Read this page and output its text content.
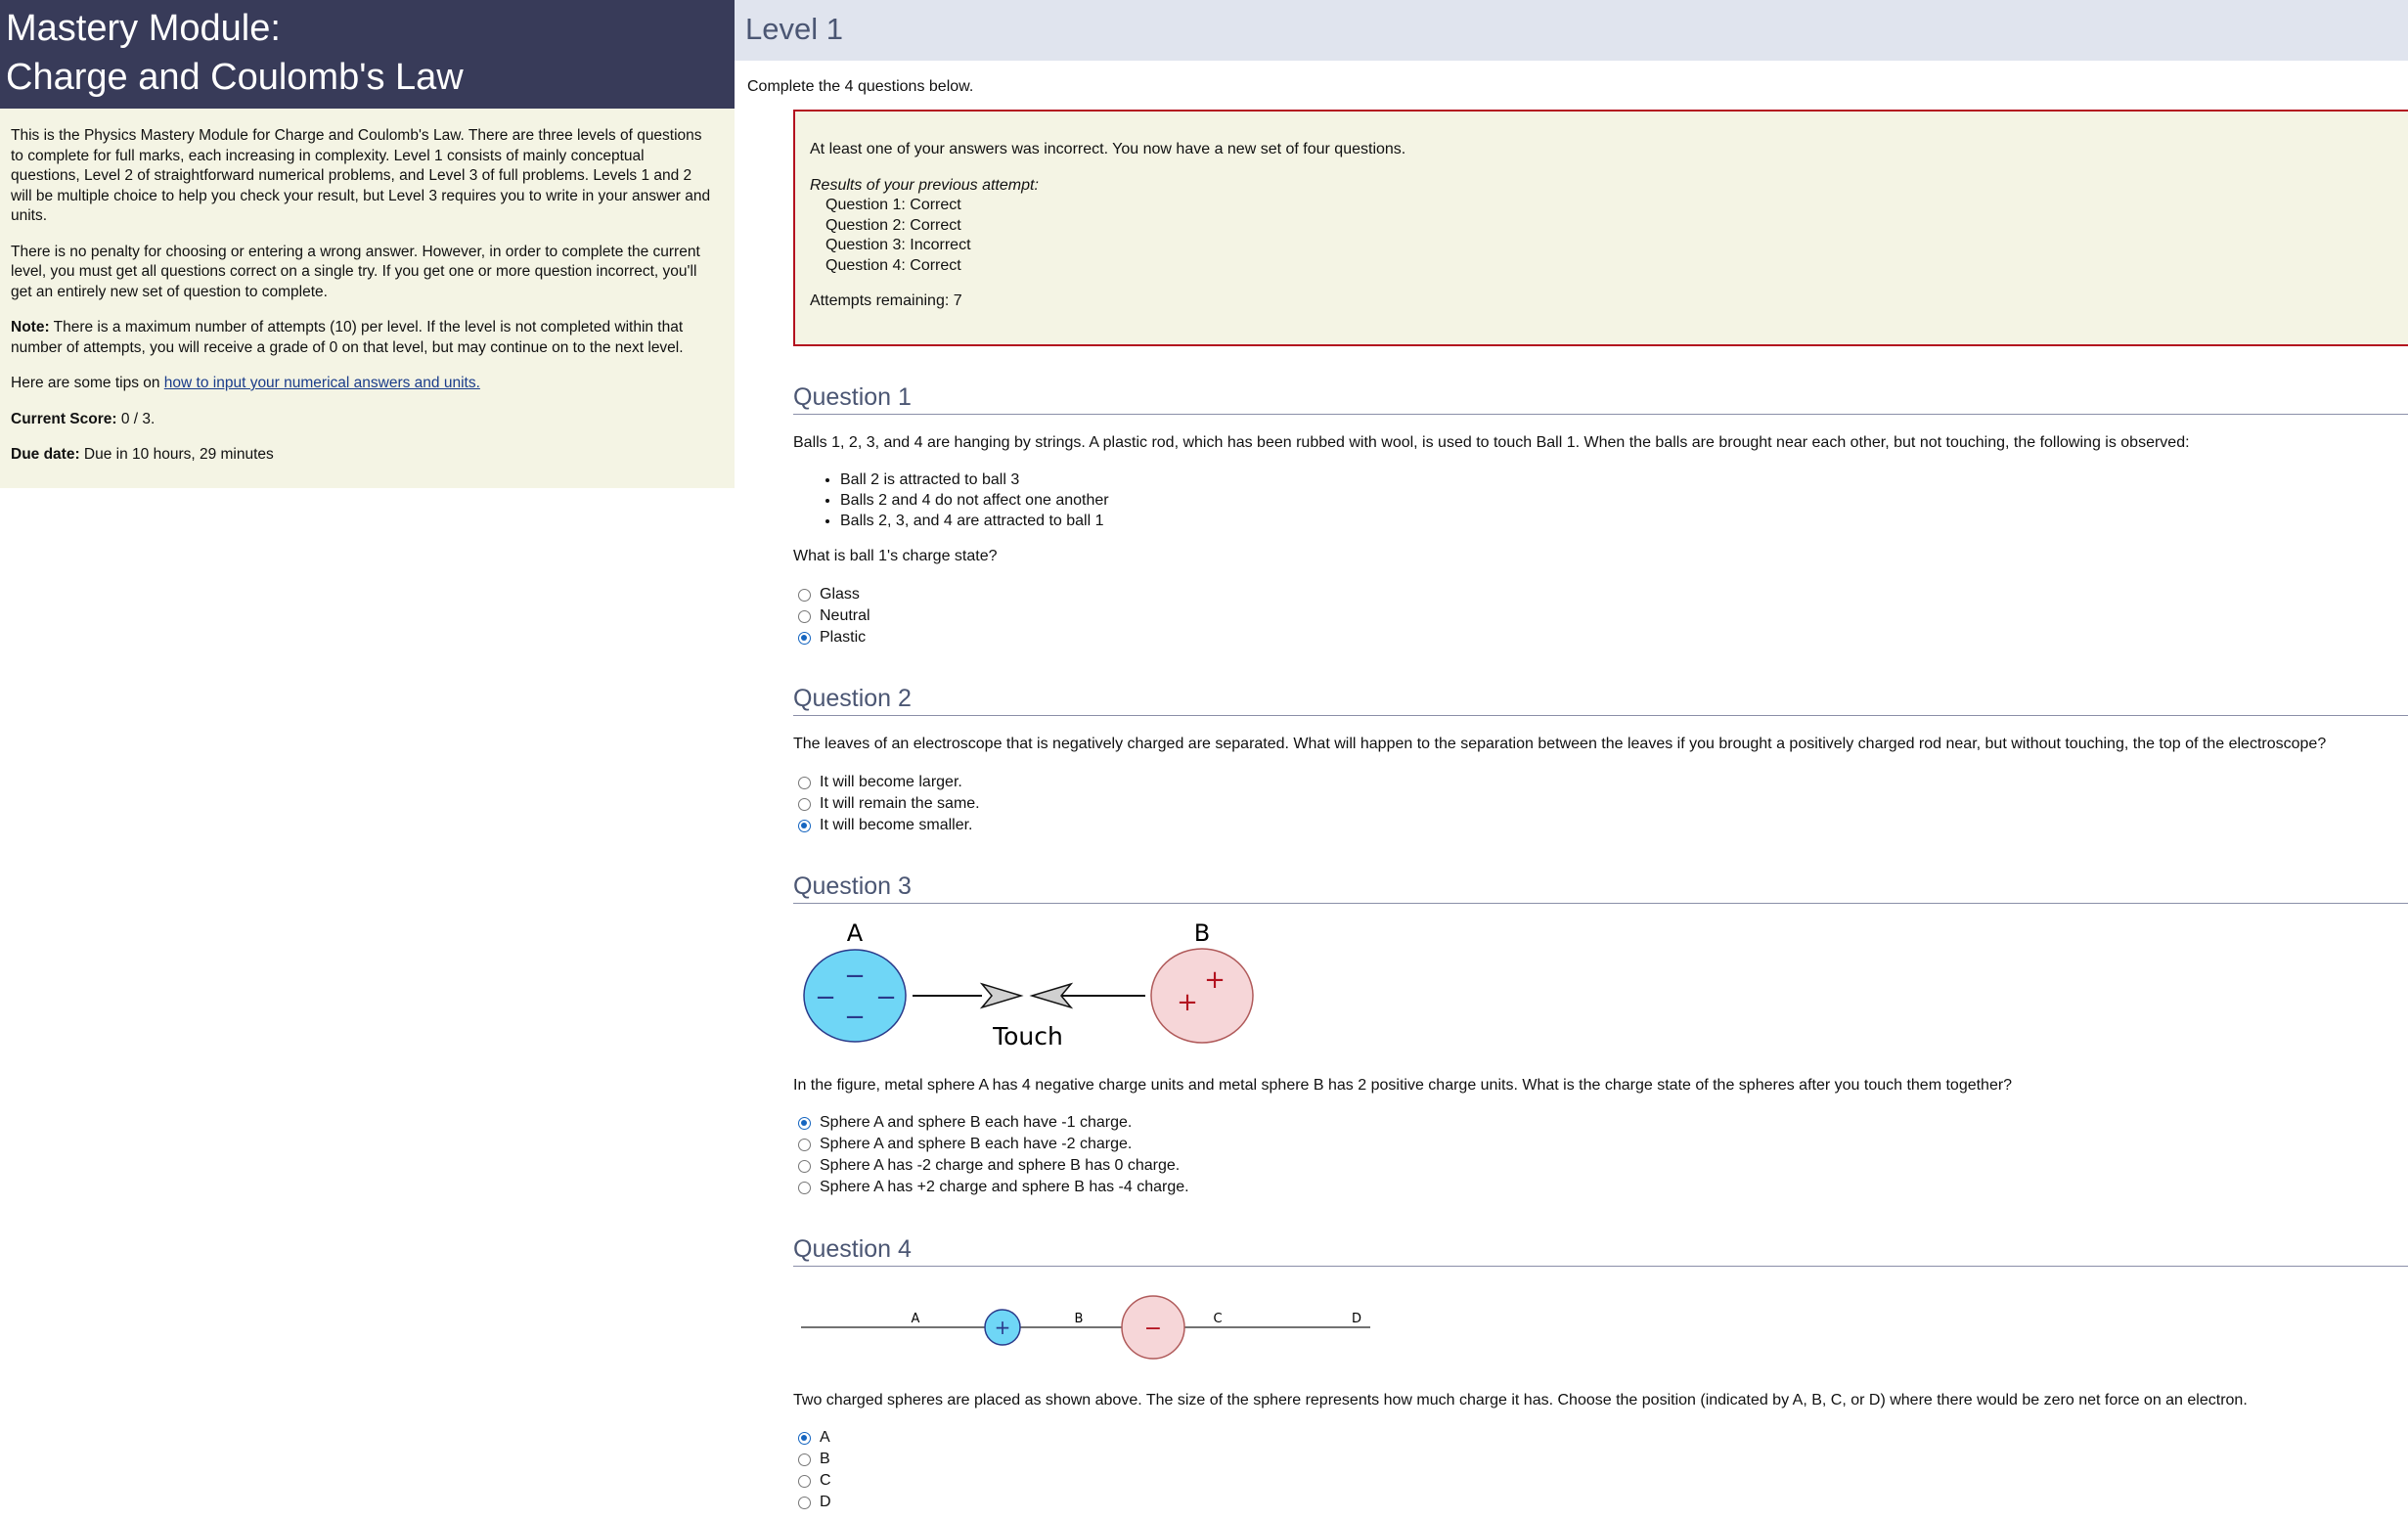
Mastery Module:
Charge and Coulomb's Law

This is the Physics Mastery Module for Charge and Coulomb's Law. There are three levels of questions to complete for full marks, each increasing in complexity. Level 1 consists of mainly conceptual questions, Level 2 of straightforward numerical problems, and Level 3 of full problems. Levels 1 and 2 will be multiple choice to help you check your result, but Level 3 requires you to write in your answer and units.

There is no penalty for choosing or entering a wrong answer. However, in order to complete the current level, you must get all questions correct on a single try. If you get one or more question incorrect, you'll get an entirely new set of question to complete.

Note: There is a maximum number of attempts (10) per level. If the level is not completed within that number of attempts, you will receive a grade of 0 on that level, but may continue on to the next level.

Here are some tips on how to input your numerical answers and units.

Current Score: 0 / 3.

Due date: Due in 10 hours, 29 minutes

Level 1
Complete the 4 questions below.
At least one of your answers was incorrect. You now have a new set of four questions.
Results of your previous attempt:
Question 1: Correct
Question 2: Correct
Question 3: Incorrect
Question 4: Correct
Attempts remaining: 7
Question 1
Balls 1, 2, 3, and 4 are hanging by strings. A plastic rod, which has been rubbed with wool, is used to touch Ball 1. When the balls are brought near each other, but not touching, the following is observed:
• Ball 2 is attracted to ball 3
• Balls 2 and 4 do not affect one another
• Balls 2, 3, and 4 are attracted to ball 1
What is ball 1's charge state?
Glass
Neutral
Plastic
Question 2
The leaves of an electroscope that is negatively charged are separated. What will happen to the separation between the leaves if you brought a positively charged rod near, but without touching, the top of the electroscope?
It will become larger.
It will remain the same.
It will become smaller.
Question 3
A	B
−
− −
−
+
+
Touch
In the figure, metal sphere A has 4 negative charge units and metal sphere B has 2 positive charge units. What is the charge state of the spheres after you touch them together?
Sphere A and sphere B each have -1 charge.
Sphere A and sphere B each have -2 charge.
Sphere A has -2 charge and sphere B has 0 charge.
Sphere A has +2 charge and sphere B has -4 charge.
Question 4
A	B	C	D
+	−
Two charged spheres are placed as shown above. The size of the sphere represents how much charge it has. Choose the position (indicated by A, B, C, or D) where there would be zero net force on an electron.
A
B
C
D
